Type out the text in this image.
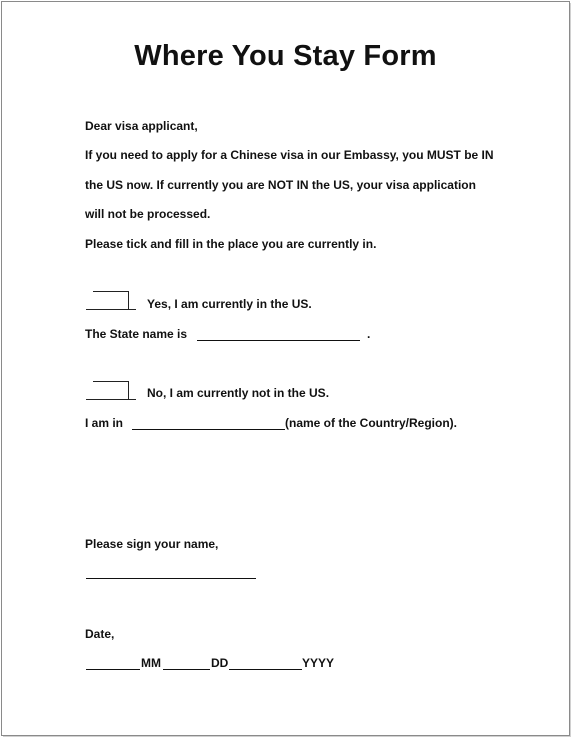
Where You Stay Form
Dear visa applicant,
If you need to apply for a Chinese visa in our Embassy, you MUST be IN
the US now. If currently you are NOT IN the US, your visa application
will not be processed.
Please tick and fill in the place you are currently in.
Yes, I am currently in the US.
The State name is	.
No, I am currently not in the US.
I am in	(name of the Country/Region).
Please sign your name,
Date,
MM	DD	YYYY
